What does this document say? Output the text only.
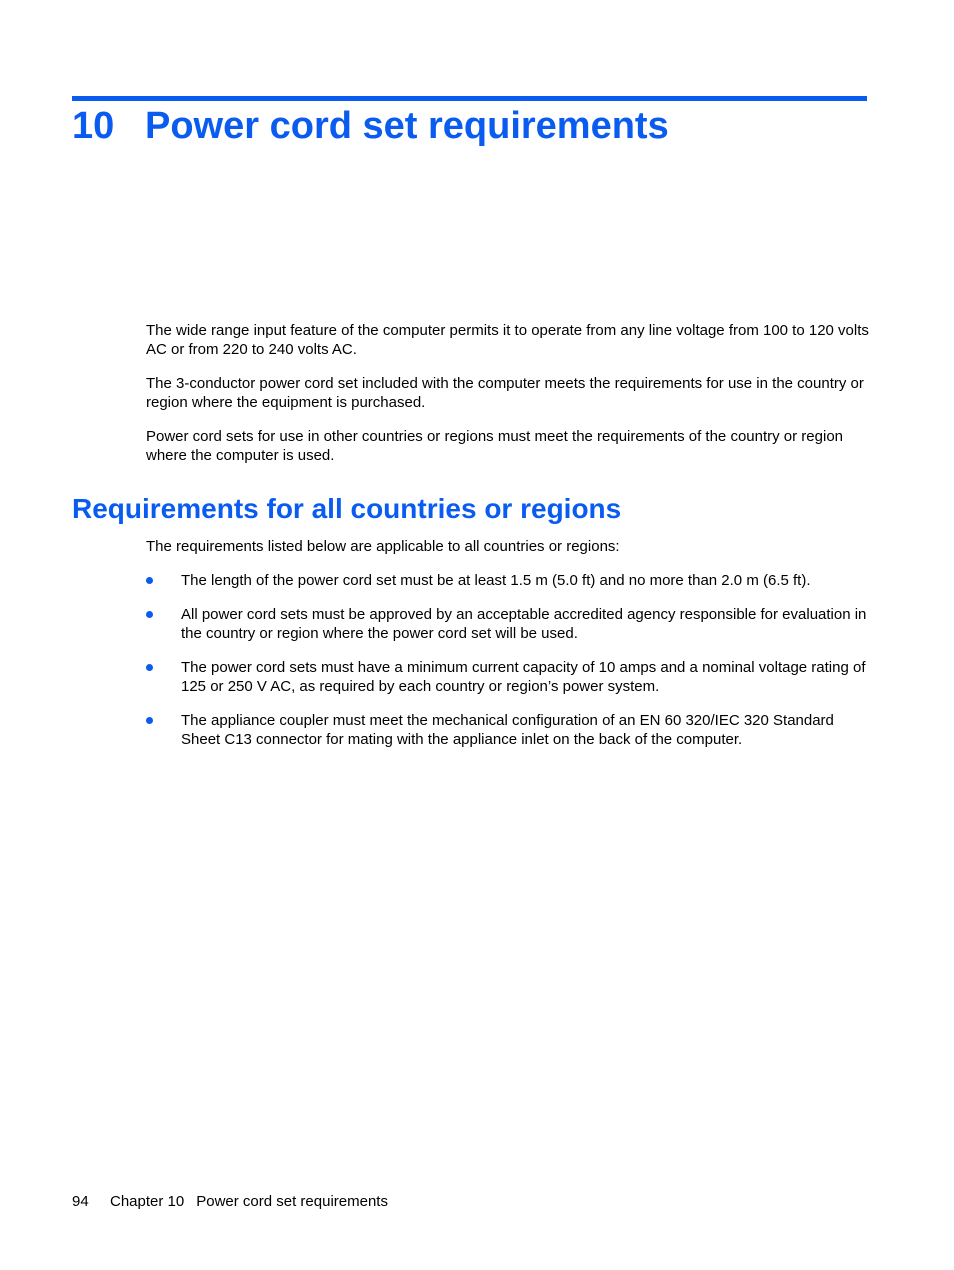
10 Power cord set requirements

The wide range input feature of the computer permits it to operate from any line voltage from 100 to 120 volts AC or from 220 to 240 volts AC.

The 3-conductor power cord set included with the computer meets the requirements for use in the country or region where the equipment is purchased.

Power cord sets for use in other countries or regions must meet the requirements of the country or region where the computer is used.

Requirements for all countries or regions

The requirements listed below are applicable to all countries or regions:

The length of the power cord set must be at least 1.5 m (5.0 ft) and no more than 2.0 m (6.5 ft).
All power cord sets must be approved by an acceptable accredited agency responsible for evaluation in the country or region where the power cord set will be used.
The power cord sets must have a minimum current capacity of 10 amps and a nominal voltage rating of 125 or 250 V AC, as required by each country or region’s power system.
The appliance coupler must meet the mechanical configuration of an EN 60 320/IEC 320 Standard Sheet C13 connector for mating with the appliance inlet on the back of the computer.
94 Chapter 10 Power cord set requirements
